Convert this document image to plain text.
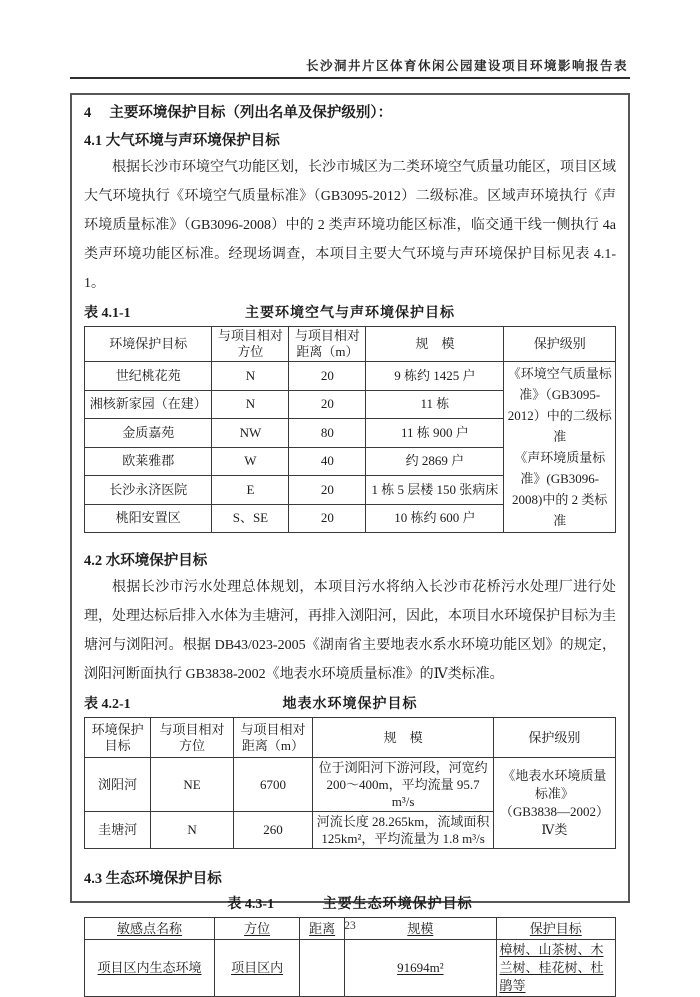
长沙洞井片区体育休闲公园建设项目环境影响报告表
4　 主要环境保护目标（列出名单及保护级别）：
4.1 大气环境与声环境保护目标

根据长沙市环境空气功能区划，长沙市城区为二类环境空气质量功能区，项目区域大气环境执行《环境空气质量标准》（GB3095-2012）二级标准。区域声环境执行《声环境质量标准》（GB3096-2008）中的 2 类声环境功能区标准，临交通干线一侧执行 4a 类声环境功能区标准。经现场调查，本项目主要大气环境与声环境保护目标见表 4.1-1。

表 4.1-1	主要环境空气与声环境保护目标
环境保护目标	与项目相对方位	与项目相对距离（m）	规　模	保护级别
世纪桃花苑	N	20	9 栋约 1425 户	《环境空气质量标准》（GB3095-2012）中的二级标准
《声环境质量标准》(GB3096-2008)中的 2 类标准

湘核新家园（在建）	N	20	11 栋	
金质嘉苑	NW	80	11 栋 900 户	
欧莱雅郡	W	40	约 2869 户	
长沙永济医院	E	20	1 栋 5 层楼 150 张病床	
桃阳安置区	S、SE	20	10 栋约 600 户	
4.2 水环境保护目标

根据长沙市污水处理总体规划，本项目污水将纳入长沙市花桥污水处理厂进行处理，处理达标后排入水体为圭塘河，再排入浏阳河，因此，本项目水环境保护目标为圭塘河与浏阳河。根据 DB43/023-2005《湖南省主要地表水系水环境功能区划》的规定，浏阳河断面执行 GB3838-2002《地表水环境质量标准》的Ⅳ类标准。

表 4.2-1	地表水环境保护目标
环境保护目标	与项目相对方位	与项目相对距离（m）	规　模	保护级别
浏阳河	NE	6700	位于浏阳河下游河段，河宽约200～400m，平均流量 95.7 m³/s	《地表水环境质量标准》
（GB3838—2002）
Ⅳ类

圭塘河	N	260	河流长度 28.265km，流域面积125km²，平均流量为 1.8 m³/s	
4.3 生态环境保护目标
表 4.3-1	主要生态环境保护目标
敏感点名称	方位	距离	规模	保护目标
项目区内生态环境	项目区内		91694m²	樟树、山茶树、木兰树、桂花树、杜鹃等
23
